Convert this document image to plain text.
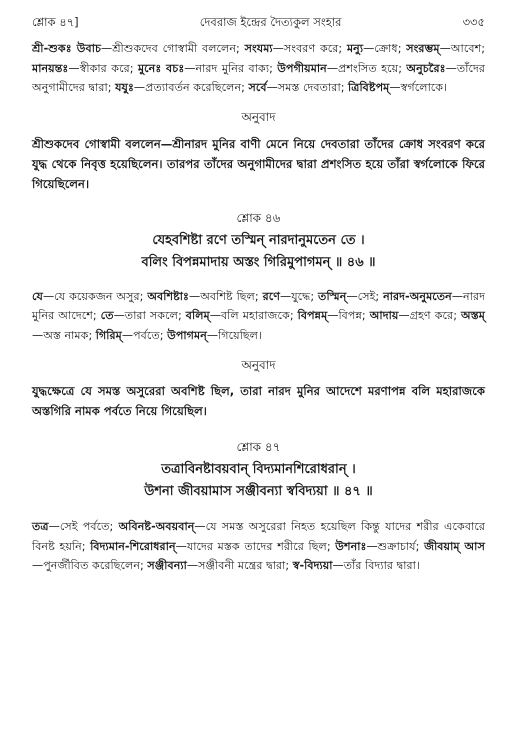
শ্লোক ৪৭]	দেবরাজ ইন্দ্রের দৈত্যকুল সংহার	৩৩৫

শ্রী-শুকঃ উবাচ—শ্রীশুকদেব গোস্বামী বললেন; সংযম্য—সংবরণ করে; মন্যু—ক্রোধ; সংরম্ভম্—আবেশ; মানয়ন্তঃ—স্বীকার করে; মুনেঃ বচঃ—নারদ মুনির বাক্য; উপগীয়মান—প্রশংসিত হয়ে; অনুচরৈঃ—তাঁদের অনুগামীদের দ্বারা; যযুঃ—প্রত্যাবর্তন করেছিলেন; সর্বে—সমস্ত দেবতারা; ত্রিবিষ্টপম্—স্বর্গলোকে।

অনুবাদ

শ্রীশুকদেব গোস্বামী বললেন—শ্রীনারদ মুনির বাণী মেনে নিয়ে দেবতারা তাঁদের ক্রোধ সংবরণ করে যুদ্ধ থেকে নিবৃত্ত হয়েছিলেন। তারপর তাঁদের অনুগামীদের দ্বারা প্রশংসিত হয়ে তাঁরা স্বর্গলোকে ফিরে গিয়েছিলেন।

শ্লোক ৪৬

যেহবশিষ্টা রণে তস্মিন্ নারদানুমতেন তে ।
বলিং বিপন্নমাদায় অস্তং গিরিমুপাগমন্ ॥ ৪৬ ॥

যে—যে কয়েকজন অসুর; অবশিষ্টাঃ—অবশিষ্ট ছিল; রণে—যুদ্ধে; তস্মিন্—সেই; নারদ-অনুমতেন—নারদ মুনির আদেশে; তে—তারা সকলে; বলিম্—বলি মহারাজকে; বিপন্নম্—বিপন্ন; আদায়—গ্রহণ করে; অস্তম্—অস্ত নামক; গিরিম্—পর্বতে; উপাগমন্—গিয়েছিল।

অনুবাদ

যুদ্ধক্ষেত্রে যে সমস্ত অসুরেরা অবশিষ্ট ছিল, তারা নারদ মুনির আদেশে মরণাপন্ন বলি মহারাজকে অস্তগিরি নামক পর্বতে নিয়ে গিয়েছিল।

শ্লোক ৪৭

তত্রাবিনষ্টাবয়বান্ বিদ্যমানশিরোধরান্ ।
উশনা জীবয়ামাস সঞ্জীবন্যা স্ববিদ্যয়া ॥ ৪৭ ॥

তত্র—সেই পর্বতে; অবিনষ্ট-অবয়বান্—যে সমস্ত অসুরেরা নিহত হয়েছিল কিন্তু যাদের শরীর একেবারে বিনষ্ট হয়নি; বিদ্যমান-শিরোধরান্—যাদের মস্তক তাদের শরীরে ছিল; উশনাঃ—শুক্রাচার্য; জীবয়াম্ আস—পুনর্জীবিত করেছিলেন; সঞ্জীবন্যা—সঞ্জীবনী মন্ত্রের দ্বারা; স্ব-বিদ্যয়া—তাঁর বিদ্যার দ্বারা।
